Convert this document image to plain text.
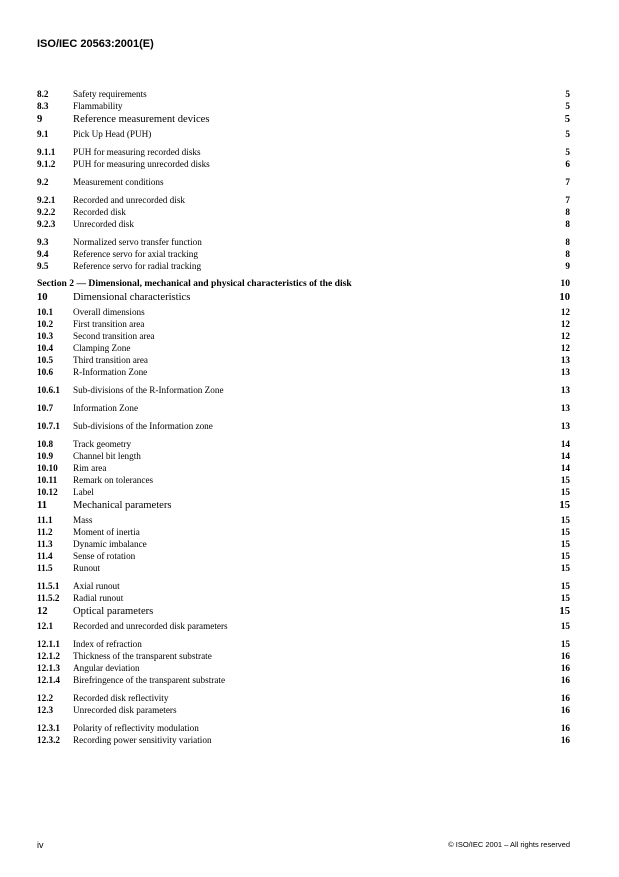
ISO/IEC 20563:2001(E)
8.2	Safety requirements	5
8.3	Flammability	5
9	Reference measurement devices	5
9.1	Pick Up Head (PUH)	5
9.1.1 PUH for measuring recorded disks	5
9.1.2 PUH for measuring unrecorded disks	6
9.2	Measurement conditions	7
9.2.1 Recorded and unrecorded disk	7
9.2.2 Recorded disk	8
9.2.3 Unrecorded disk	8
9.3	Normalized servo transfer function	8
9.4	Reference servo for axial tracking	8
9.5	Reference servo for radial tracking	9
Section 2 — Dimensional, mechanical and physical characteristics of the disk	10
10 Dimensional characteristics	10
10.1 Overall dimensions	12
10.2 First transition area	12
10.3 Second transition area	12
10.4 Clamping Zone	12
10.5 Third transition area	13
10.6 R-Information Zone	13
10.6.1 Sub-divisions of the R-Information Zone	13
10.7 Information Zone	13
10.7.1 Sub-divisions of the Information zone	13
10.8 Track geometry	14
10.9 Channel bit length	14
10.10 Rim area	14
10.11 Remark on tolerances	15
10.12 Label	15
11 Mechanical parameters	15
11.1 Mass	15
11.2 Moment of inertia	15
11.3 Dynamic imbalance	15
11.4 Sense of rotation	15
11.5 Runout	15
11.5.1 Axial runout	15
11.5.2 Radial runout	15
12 Optical parameters	15
12.1 Recorded and unrecorded disk parameters	15
12.1.1 Index of refraction	15
12.1.2 Thickness of the transparent substrate	16
12.1.3 Angular deviation	16
12.1.4 Birefringence of the transparent substrate	16
12.2 Recorded disk reflectivity	16
12.3 Unrecorded disk parameters	16
12.3.1 Polarity of reflectivity modulation	16
12.3.2 Recording power sensitivity variation	16
iv	© ISO/IEC 2001 – All rights reserved
